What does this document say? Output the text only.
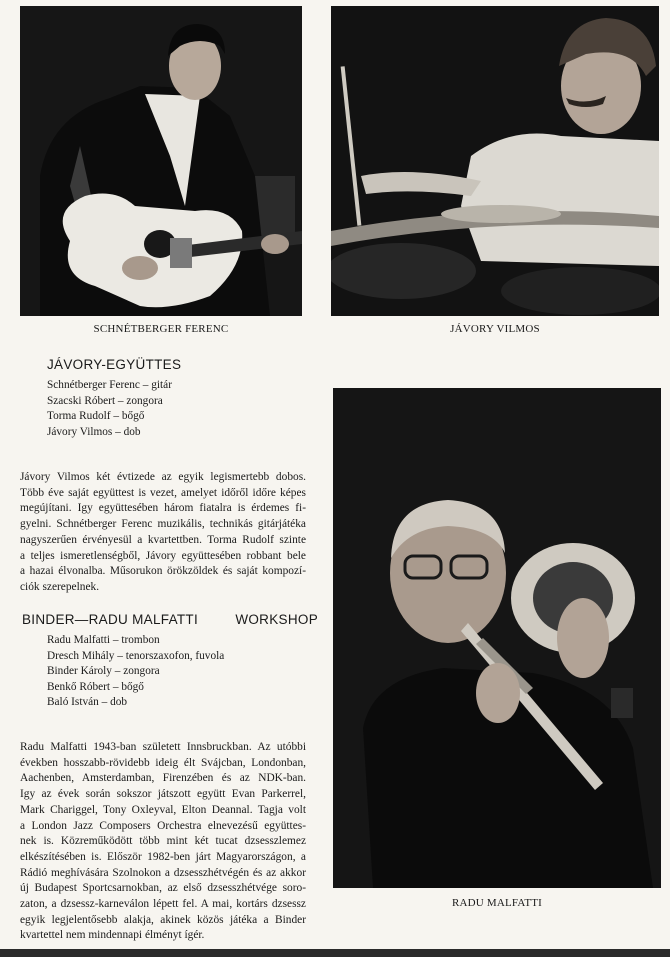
SCHNÉTBERGER FERENC	JÁVORY VILMOS
JÁVORY-EGYÜTTES
Schnétberger Ferenc – gitár
Szacski Róbert – zongora
Torma Rudolf – bőgő
Jávory Vilmos – dob

Jávory Vilmos két évtizede az egyik legismertebb dobos.
Több éve saját együttest is vezet, amelyet időről időre képes
megújítani. Igy együttesében három fiatalra is érdemes fi-
gyelni. Schnétberger Ferenc muzikális, technikás gitárjátéka
nagyszerűen érvényesül a kvartettben. Torma Rudolf szinte
a teljes ismeretlenségből, Jávory együttesében robbant bele
a hazai élvonalba. Műsorukon örökzöldek és saját kompozí-
ciók szerepelnek.

BINDER—RADU MALFATTI	WORKSHOP
Radu Malfatti – trombon
Dresch Mihály – tenorszaxofon, fuvola
Binder Károly – zongora
Benkő Róbert – bőgő
Baló István – dob

Radu Malfatti 1943-ban született Innsbruckban. Az utóbbi
években hosszabb-rövidebb ideig élt Svájcban, Londonban,
Aachenben, Amsterdamban, Firenzében és az NDK-ban.
Igy az évek során sokszor játszott együtt Evan Parkerrel,
Mark Chariggel, Tony Oxleyval, Elton Deannal. Tagja volt
a London Jazz Composers Orchestra elnevezésű együttes-
nek is. Közreműködött több mint két tucat dzsesszlemez
elkészítésében is. Először 1982-ben járt Magyarországon, a
Rádió meghívására Szolnokon a dzsesszhétvégén és az akkor
új Budapest Sportcsarnokban, az első dzsesszhétvége soro-
zaton, a dzsessz-karneválon lépett fel. A mai, kortárs dzsessz
egyik legjelentősebb alakja, akinek közös játéka a Binder
kvartettel nem mindennapi élményt ígér.

RADU MALFATTI
